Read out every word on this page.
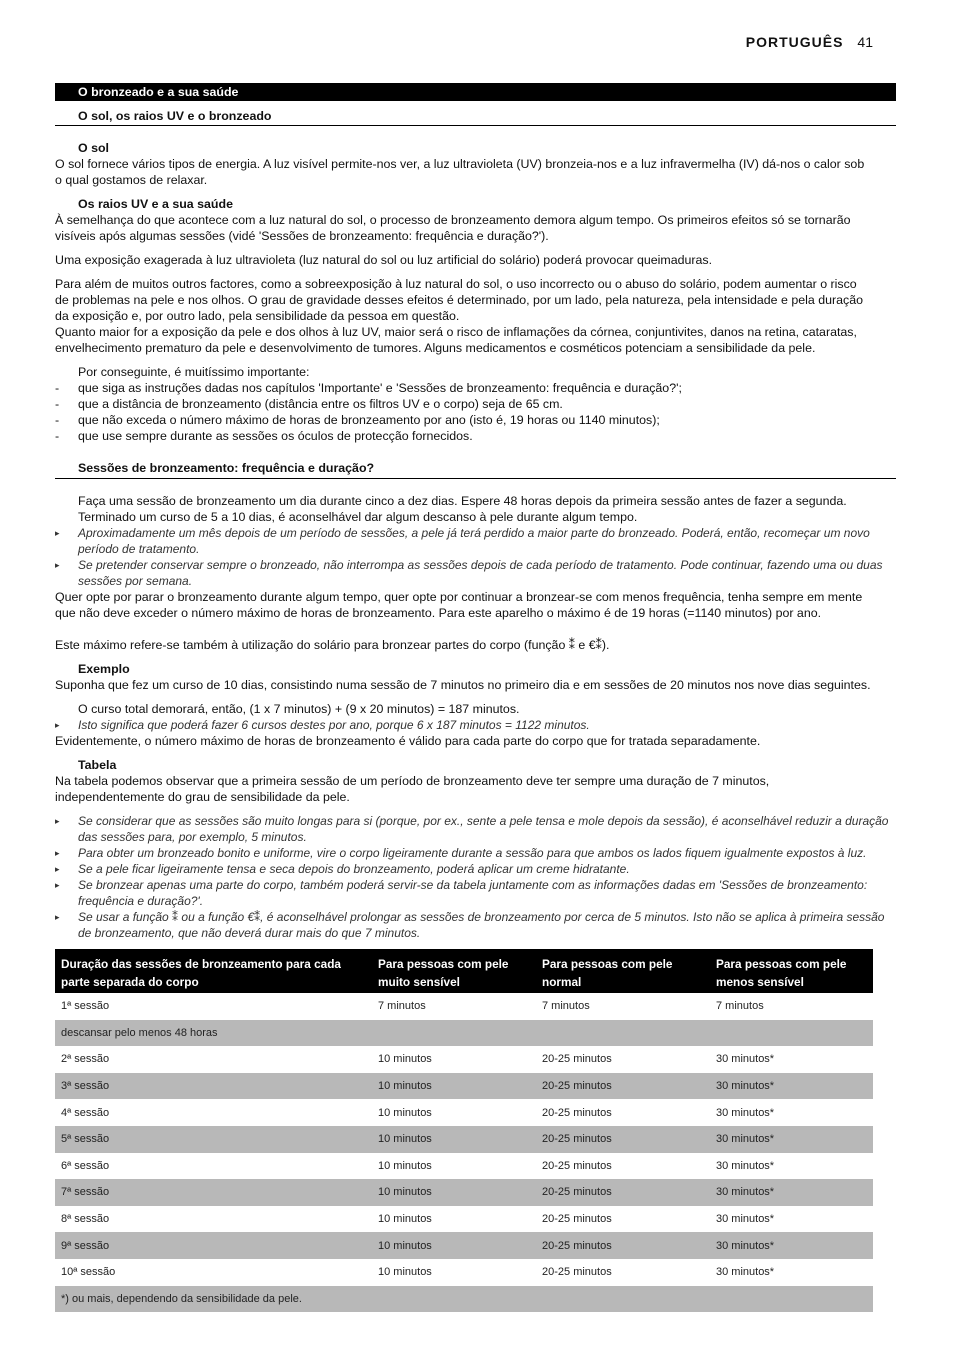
PORTUGUÊS 41
O bronzeado e a sua saúde
O sol, os raios UV e o bronzeado
O sol

O sol fornece vários tipos de energia. A luz visível permite-nos ver, a luz ultravioleta (UV) bronzeia-nos e a luz infravermelha (IV) dá-nos o calor sob o qual gostamos de relaxar.

Os raios UV e a sua saúde

À semelhança do que acontece com a luz natural do sol, o processo de bronzeamento demora algum tempo. Os primeiros efeitos só se tornarão visíveis após algumas sessões (vidé 'Sessões de bronzeamento: frequência e duração?').

Uma exposição exagerada à luz ultravioleta (luz natural do sol ou luz artificial do solário) poderá provocar queimaduras.

Para além de muitos outros factores, como a sobreexposição à luz natural do sol, o uso incorrecto ou o abuso do solário, podem aumentar o risco de problemas na pele e nos olhos. O grau de gravidade desses efeitos é determinado, por um lado, pela natureza, pela intensidade e pela duração da exposição e, por outro lado, pela sensibilidade da pessoa em questão.

Quanto maior for a exposição da pele e dos olhos à luz UV, maior será o risco de inflamações da córnea, conjuntivites, danos na retina, cataratas, envelhecimento prematuro da pele e desenvolvimento de tumores. Alguns medicamentos e cosméticos potenciam a sensibilidade da pele.

Por conseguinte, é muitíssimo importante:

- que siga as instruções dadas nos capítulos 'Importante' e 'Sessões de bronzeamento: frequência e duração?';
- que a distância de bronzeamento (distância entre os filtros UV e o corpo) seja de 65 cm.
- que não exceda o número máximo de horas de bronzeamento por ano (isto é, 19 horas ou 1140 minutos);
- que use sempre durante as sessões os óculos de protecção fornecidos.
Sessões de bronzeamento: frequência e duração?

Faça uma sessão de bronzeamento um dia durante cinco a dez dias. Espere 48 horas depois da primeira sessão antes de fazer a segunda. Terminado um curso de 5 a 10 dias, é aconselhável dar algum descanso à pele durante algum tempo.

▸ Aproximadamente um mês depois de um período de sessões, a pele já terá perdido a maior parte do bronzeado. Poderá, então, recomeçar um novo período de tratamento.
▸ Se pretender conservar sempre o bronzeado, não interrompa as sessões depois de cada período de tratamento. Pode continuar, fazendo uma ou duas sessões por semana.

Quer opte por parar o bronzeamento durante algum tempo, quer opte por continuar a bronzear-se com menos frequência, tenha sempre em mente que não deve exceder o número máximo de horas de bronzeamento. Para este aparelho o máximo é de 19 horas (=1140 minutos) por ano.

Este máximo refere-se também à utilização do solário para bronzear partes do corpo (função ⁑ e €⁑).

Exemplo

Suponha que fez um curso de 10 dias, consistindo numa sessão de 7 minutos no primeiro dia e em sessões de 20 minutos nos nove dias seguintes.

O curso total demorará, então, (1 x 7 minutos) + (9 x 20 minutos) = 187 minutos.

▸ Isto significa que poderá fazer 6 cursos destes por ano, porque 6 x 187 minutos = 1122 minutos.

Evidentemente, o número máximo de horas de bronzeamento é válido para cada parte do corpo que for tratada separadamente.

Tabela

Na tabela podemos observar que a primeira sessão de um período de bronzeamento deve ter sempre uma duração de 7 minutos, independentemente do grau de sensibilidade da pele.

▸ Se considerar que as sessões são muito longas para si (porque, por ex., sente a pele tensa e mole depois da sessão), é aconselhável reduzir a duração das sessões para, por exemplo, 5 minutos.
▸ Para obter um bronzeado bonito e uniforme, vire o corpo ligeiramente durante a sessão para que ambos os lados fiquem igualmente expostos à luz.
▸ Se a pele ficar ligeiramente tensa e seca depois do bronzeamento, poderá aplicar um creme hidratante.
▸ Se bronzear apenas uma parte do corpo, também poderá servir-se da tabela juntamente com as informações dadas em 'Sessões de bronzeamento: frequência e duração?'.
▸ Se usar a função ⁑ ou a função €⁑, é aconselhável prolongar as sessões de bronzeamento por cerca de 5 minutos. Isto não se aplica à primeira sessão de bronzeamento, que não deverá durar mais do que 7 minutos.
Duração das sessões de bronzeamento para cada parte separada do corpo	Para pessoas com pele muito sensível	Para pessoas com pele normal	Para pessoas com pele menos sensível
1ª sessão	7 minutos	7 minutos	7 minutos
descansar pelo menos 48 horas			
2ª sessão	10 minutos	20-25 minutos	30 minutos*
3ª sessão	10 minutos	20-25 minutos	30 minutos*
4ª sessão	10 minutos	20-25 minutos	30 minutos*
5ª sessão	10 minutos	20-25 minutos	30 minutos*
6ª sessão	10 minutos	20-25 minutos	30 minutos*
7ª sessão	10 minutos	20-25 minutos	30 minutos*
8ª sessão	10 minutos	20-25 minutos	30 minutos*
9ª sessão	10 minutos	20-25 minutos	30 minutos*
10ª sessão	10 minutos	20-25 minutos	30 minutos*
*) ou mais, dependendo da sensibilidade da pele.			
